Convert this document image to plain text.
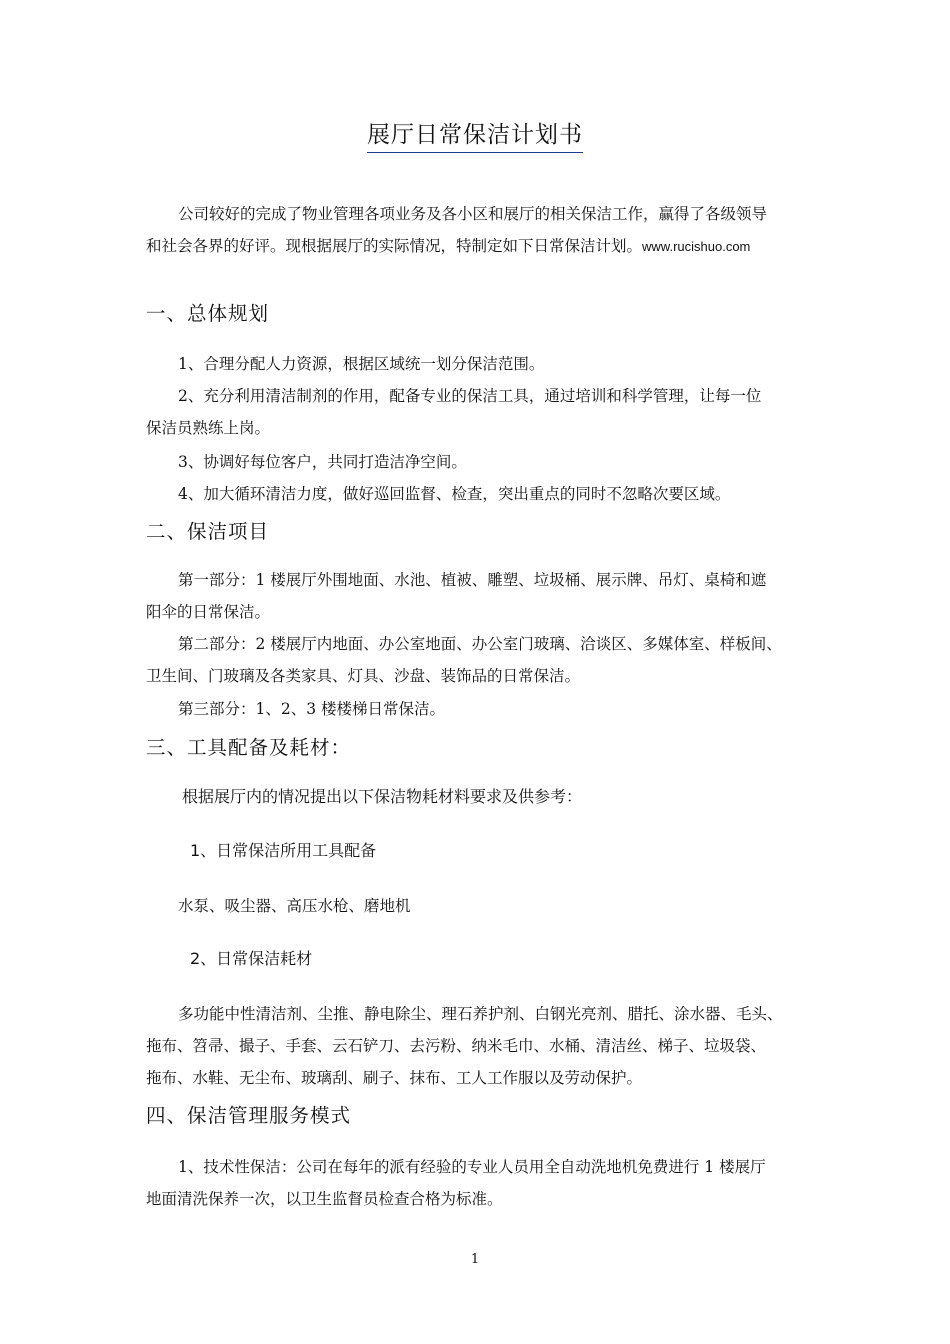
展厅日常保洁计划书
公司较好的完成了物业管理各项业务及各小区和展厅的相关保洁工作，赢得了各级领导
和社会各界的好评。现根据展厅的实际情况，特制定如下日常保洁计划。www.rucishuo.com
一、总体规划
1、合理分配人力资源，根据区域统一划分保洁范围。
2、充分利用清洁制剂的作用，配备专业的保洁工具，通过培训和科学管理，让每一位
保洁员熟练上岗。
3、协调好每位客户，共同打造洁净空间。
4、加大循环清洁力度，做好巡回监督、检查，突出重点的同时不忽略次要区域。
二、保洁项目
第一部分：1 楼展厅外围地面、水池、植被、雕塑、垃圾桶、展示牌、吊灯、桌椅和遮
阳伞的日常保洁。
第二部分：2 楼展厅内地面、办公室地面、办公室门玻璃、洽谈区、多媒体室、样板间、
卫生间、门玻璃及各类家具、灯具、沙盘、装饰品的日常保洁。
第三部分：1、2、3 楼楼梯日常保洁。
三、工具配备及耗材：
根据展厅内的情况提出以下保洁物耗材料要求及供参考：
1、日常保洁所用工具配备
水泵、吸尘器、高压水枪、磨地机
2、日常保洁耗材
多功能中性清洁剂、尘推、静电除尘、理石养护剂、白钢光亮剂、腊托、涂水器、毛头、
拖布、笤帚、撮子、手套、云石铲刀、去污粉、纳米毛巾、水桶、清洁丝、梯子、垃圾袋、
拖布、水鞋、无尘布、玻璃刮、刷子、抹布、工人工作服以及劳动保护。
四、保洁管理服务模式
1、技术性保洁：公司在每年的派有经验的专业人员用全自动洗地机免费进行 1 楼展厅
地面清洗保养一次，以卫生监督员检查合格为标准。
1
